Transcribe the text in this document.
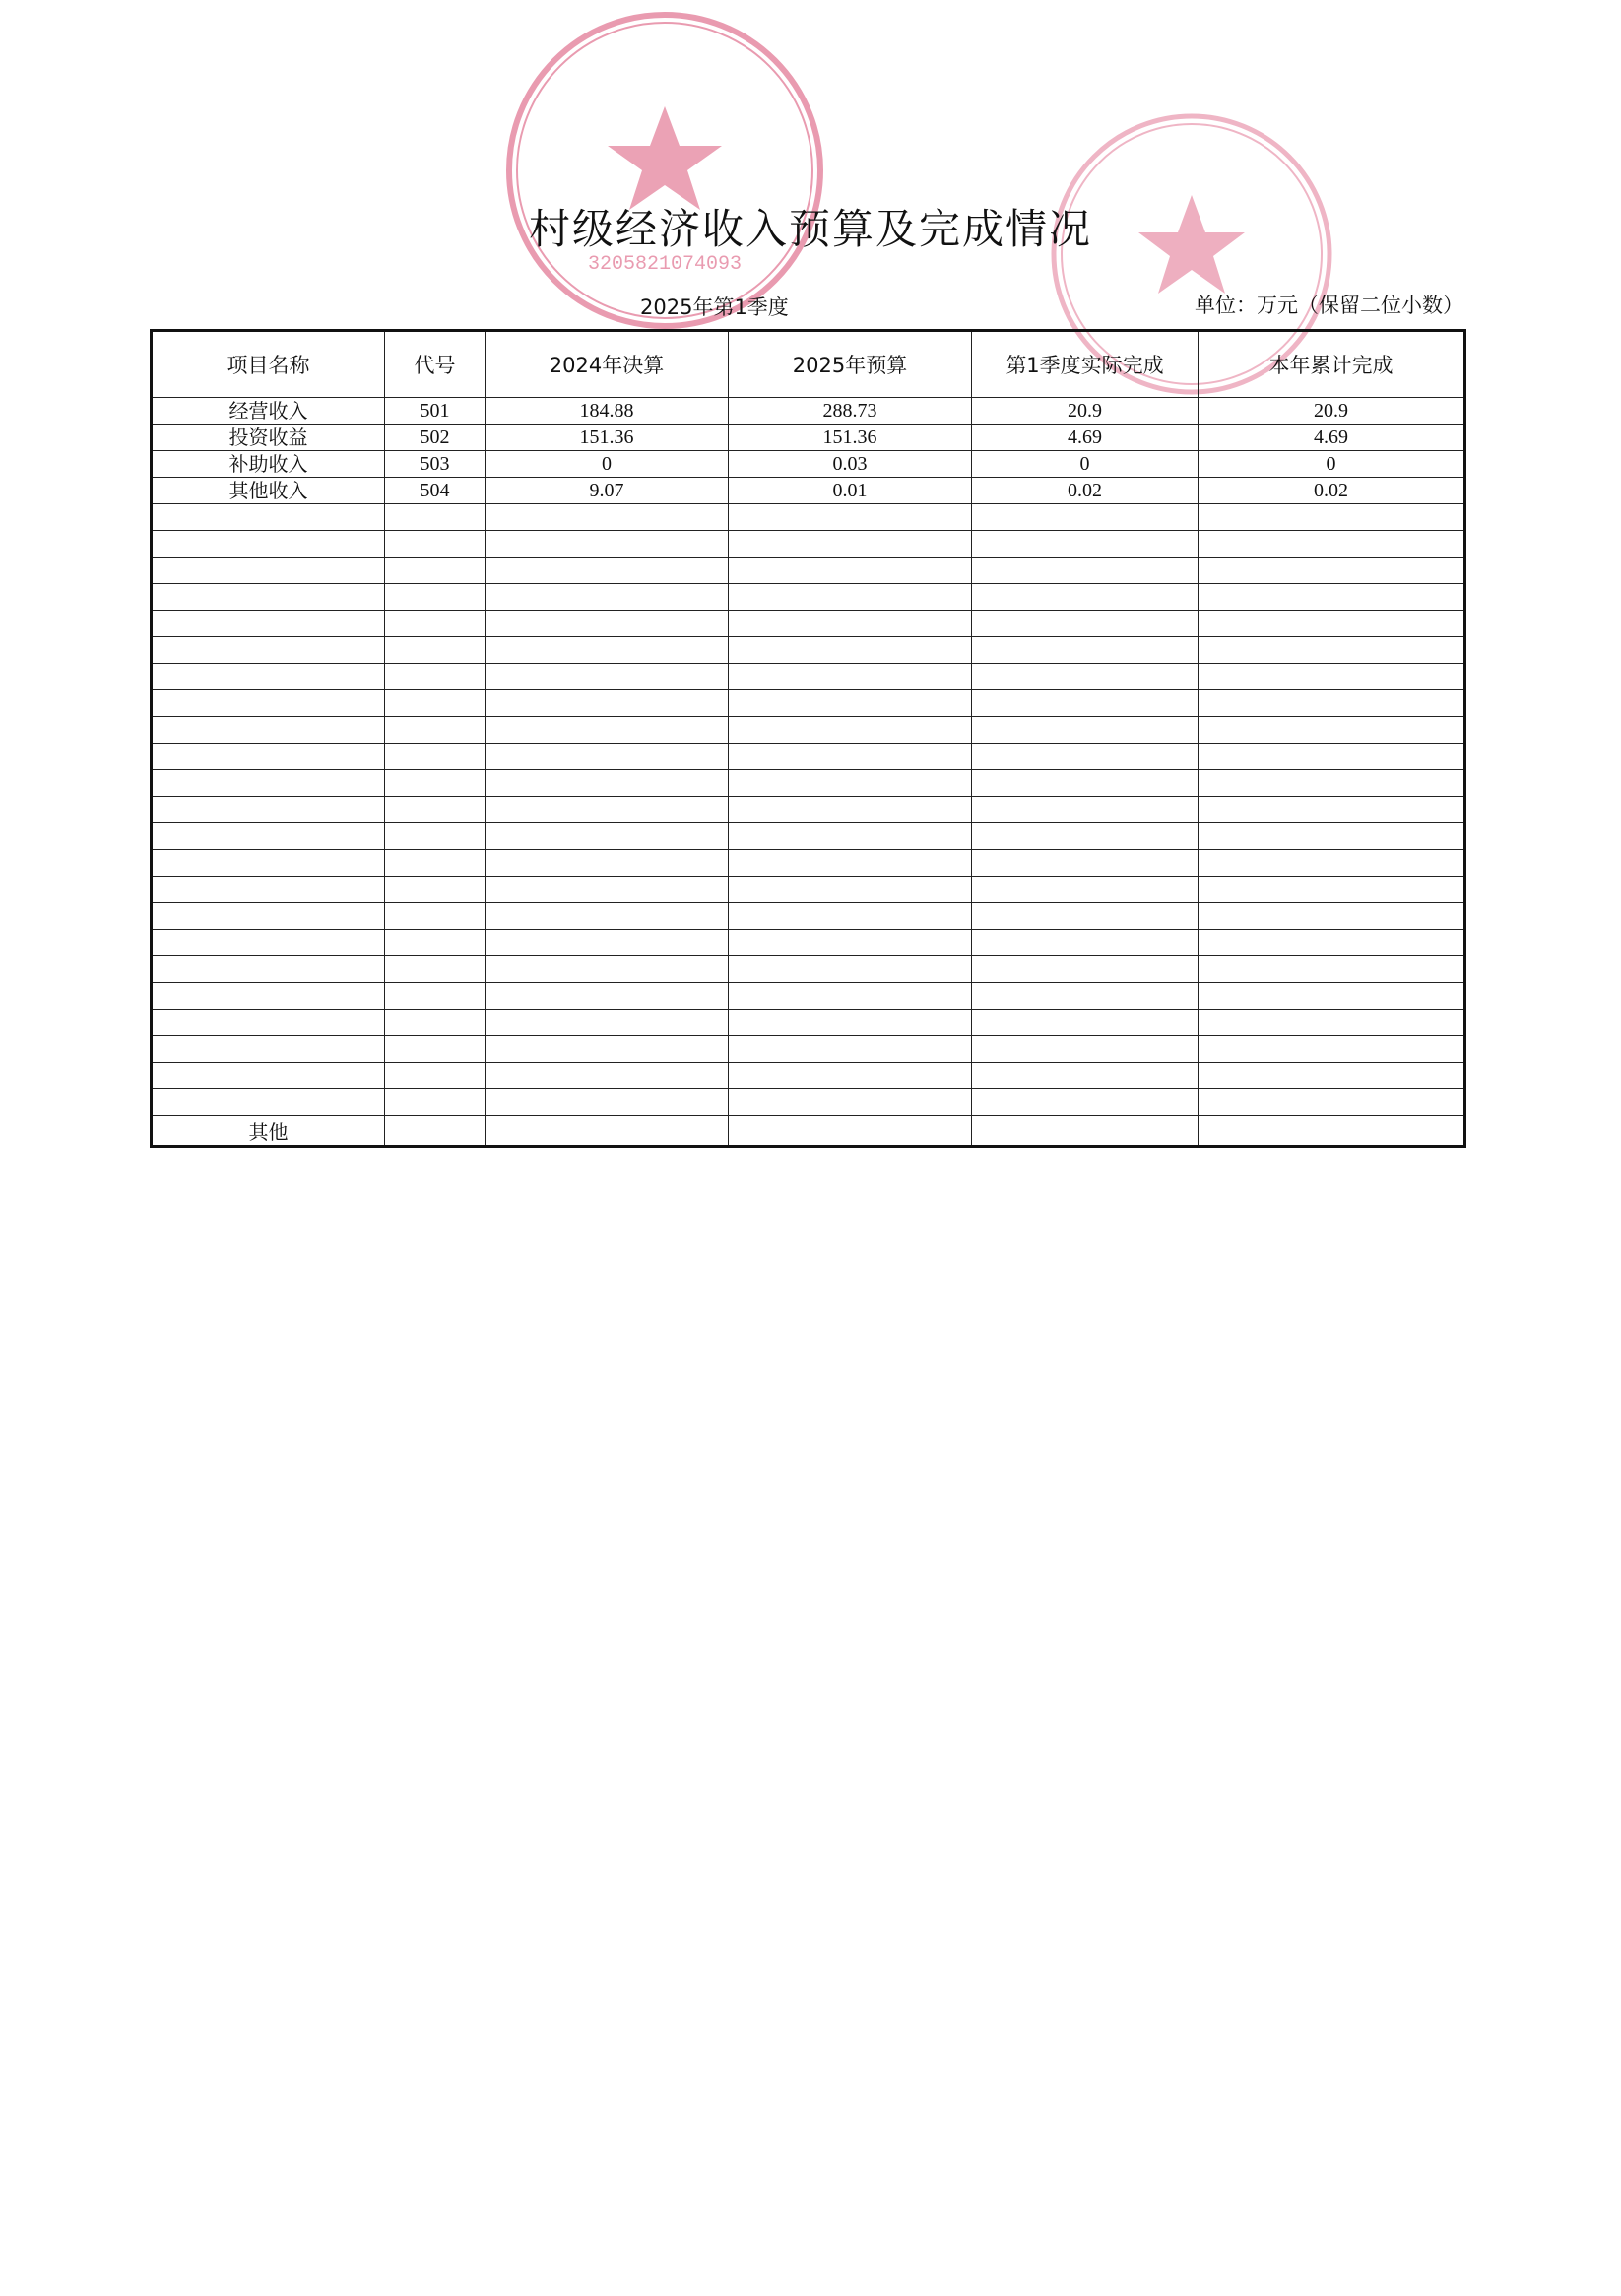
3205821074093
村级经济收入预算及完成情况
2025年第1季度	单位：万元（保留二位小数）
项目名称	代号	2024年决算	2025年预算	第1季度实际完成	本年累计完成
经营收入	501	184.88	288.73	20.9	20.9
投资收益	502	151.36	151.36	4.69	4.69
补助收入	503	0	0.03	0	0
其他收入	504	9.07	0.01	0.02	0.02

其他					
